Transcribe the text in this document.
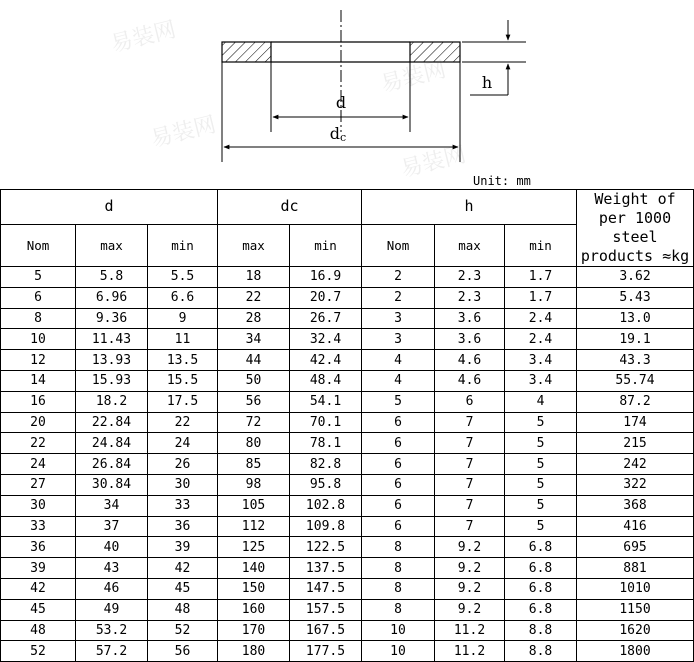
易装网
易装网
易装网
易装网
d
dc
h
Unit: mm
d			dc		h			Weight of per 1000 steel products ≈kg
Nom	max	min	max	min	Nom	max	min	
5	5.8	5.5	18	16.9	2	2.3	1.7	3.62
6	6.96	6.6	22	20.7	2	2.3	1.7	5.43
8	9.36	9	28	26.7	3	3.6	2.4	13.0
10	11.43	11	34	32.4	3	3.6	2.4	19.1
12	13.93	13.5	44	42.4	4	4.6	3.4	43.3
14	15.93	15.5	50	48.4	4	4.6	3.4	55.74
16	18.2	17.5	56	54.1	5	6	4	87.2
20	22.84	22	72	70.1	6	7	5	174
22	24.84	24	80	78.1	6	7	5	215
24	26.84	26	85	82.8	6	7	5	242
27	30.84	30	98	95.8	6	7	5	322
30	34	33	105	102.8	6	7	5	368
33	37	36	112	109.8	6	7	5	416
36	40	39	125	122.5	8	9.2	6.8	695
39	43	42	140	137.5	8	9.2	6.8	881
42	46	45	150	147.5	8	9.2	6.8	1010
45	49	48	160	157.5	8	9.2	6.8	1150
48	53.2	52	170	167.5	10	11.2	8.8	1620
52	57.2	56	180	177.5	10	11.2	8.8	1800
